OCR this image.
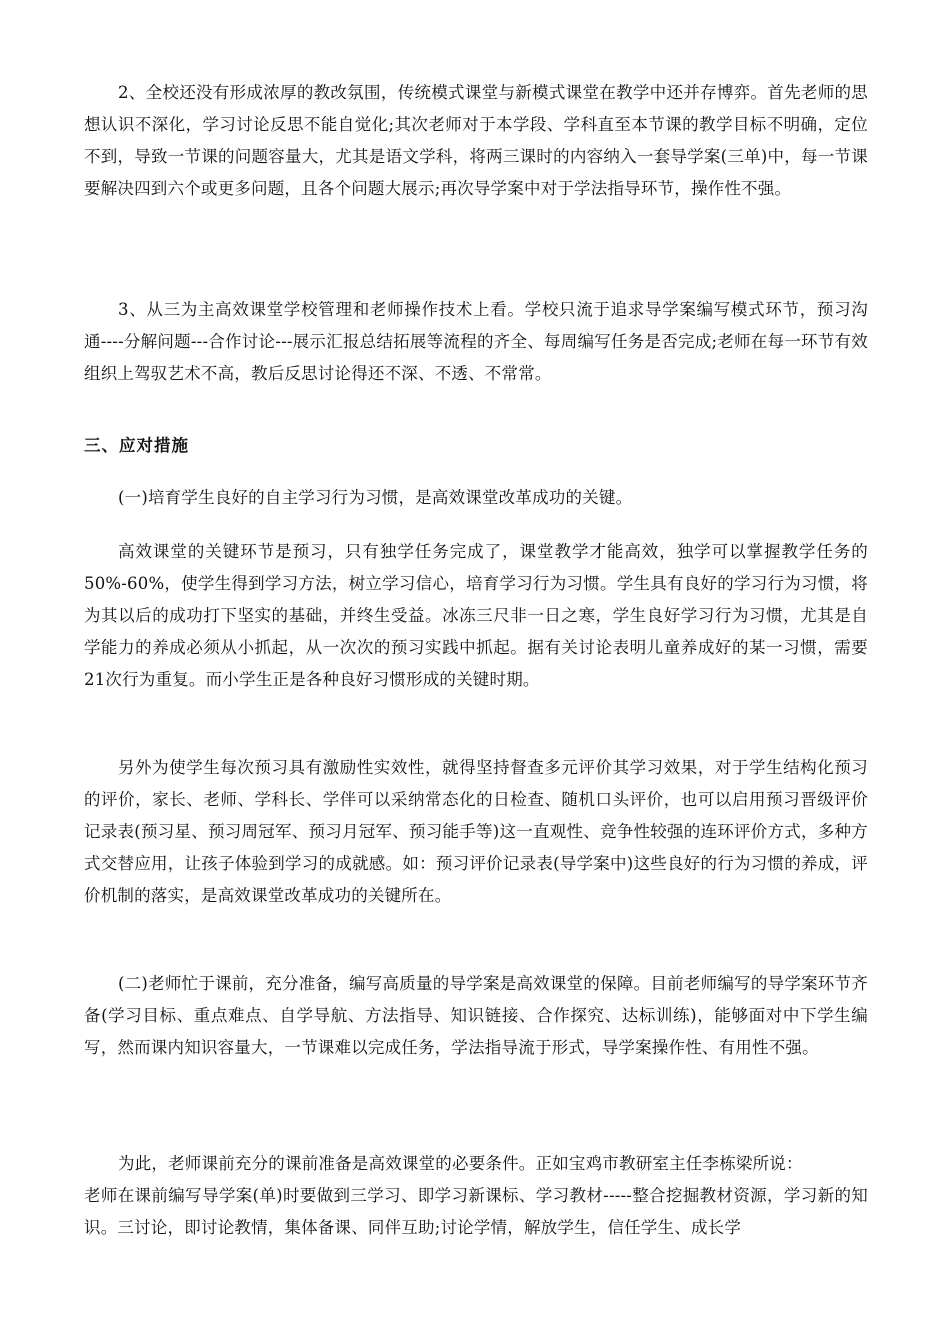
2、全校还没有形成浓厚的教改氛围，传统模式课堂与新模式课堂在教学中还并存博弈。首先老师的思想认识不深化，学习讨论反思不能自觉化;其次老师对于本学段、学科直至本节课的教学目标不明确，定位不到，导致一节课的问题容量大，尤其是语文学科，将两三课时的内容纳入一套导学案(三单)中，每一节课要解决四到六个或更多问题，且各个问题大展示;再次导学案中对于学法指导环节，操作性不强。

3、从三为主高效课堂学校管理和老师操作技术上看。学校只流于追求导学案编写模式环节，预习沟通----分解问题---合作讨论---展示汇报总结拓展等流程的齐全、每周编写任务是否完成;老师在每一环节有效组织上驾驭艺术不高，教后反思讨论得还不深、不透、不常常。

三、应对措施

(一)培育学生良好的自主学习行为习惯，是高效课堂改革成功的关键。

高效课堂的关键环节是预习，只有独学任务完成了，课堂教学才能高效，独学可以掌握教学任务的50%-60%，使学生得到学习方法，树立学习信心，培育学习行为习惯。学生具有良好的学习行为习惯，将为其以后的成功打下坚实的基础，并终生受益。冰冻三尺非一日之寒，学生良好学习行为习惯，尤其是自学能力的养成必须从小抓起，从一次次的预习实践中抓起。据有关讨论表明儿童养成好的某一习惯，需要21次行为重复。而小学生正是各种良好习惯形成的关键时期。

另外为使学生每次预习具有激励性实效性，就得坚持督查多元评价其学习效果，对于学生结构化预习的评价，家长、老师、学科长、学伴可以采纳常态化的日检查、随机口头评价，也可以启用预习晋级评价记录表(预习星、预习周冠军、预习月冠军、预习能手等)这一直观性、竞争性较强的连环评价方式，多种方式交替应用，让孩子体验到学习的成就感。如：预习评价记录表(导学案中)这些良好的行为习惯的养成，评价机制的落实，是高效课堂改革成功的关键所在。

(二)老师忙于课前，充分准备，编写高质量的导学案是高效课堂的保障。目前老师编写的导学案环节齐备(学习目标、重点难点、自学导航、方法指导、知识链接、合作探究、达标训练)，能够面对中下学生编写，然而课内知识容量大，一节课难以完成任务，学法指导流于形式，导学案操作性、有用性不强。

为此，老师课前充分的课前准备是高效课堂的必要条件。正如宝鸡市教研室主任李栋梁所说：

老师在课前编写导学案(单)时要做到三学习、即学习新课标、学习教材-----整合挖掘教材资源，学习新的知识。三讨论，即讨论教情，集体备课、同伴互助;讨论学情，解放学生，信任学生、成长学
